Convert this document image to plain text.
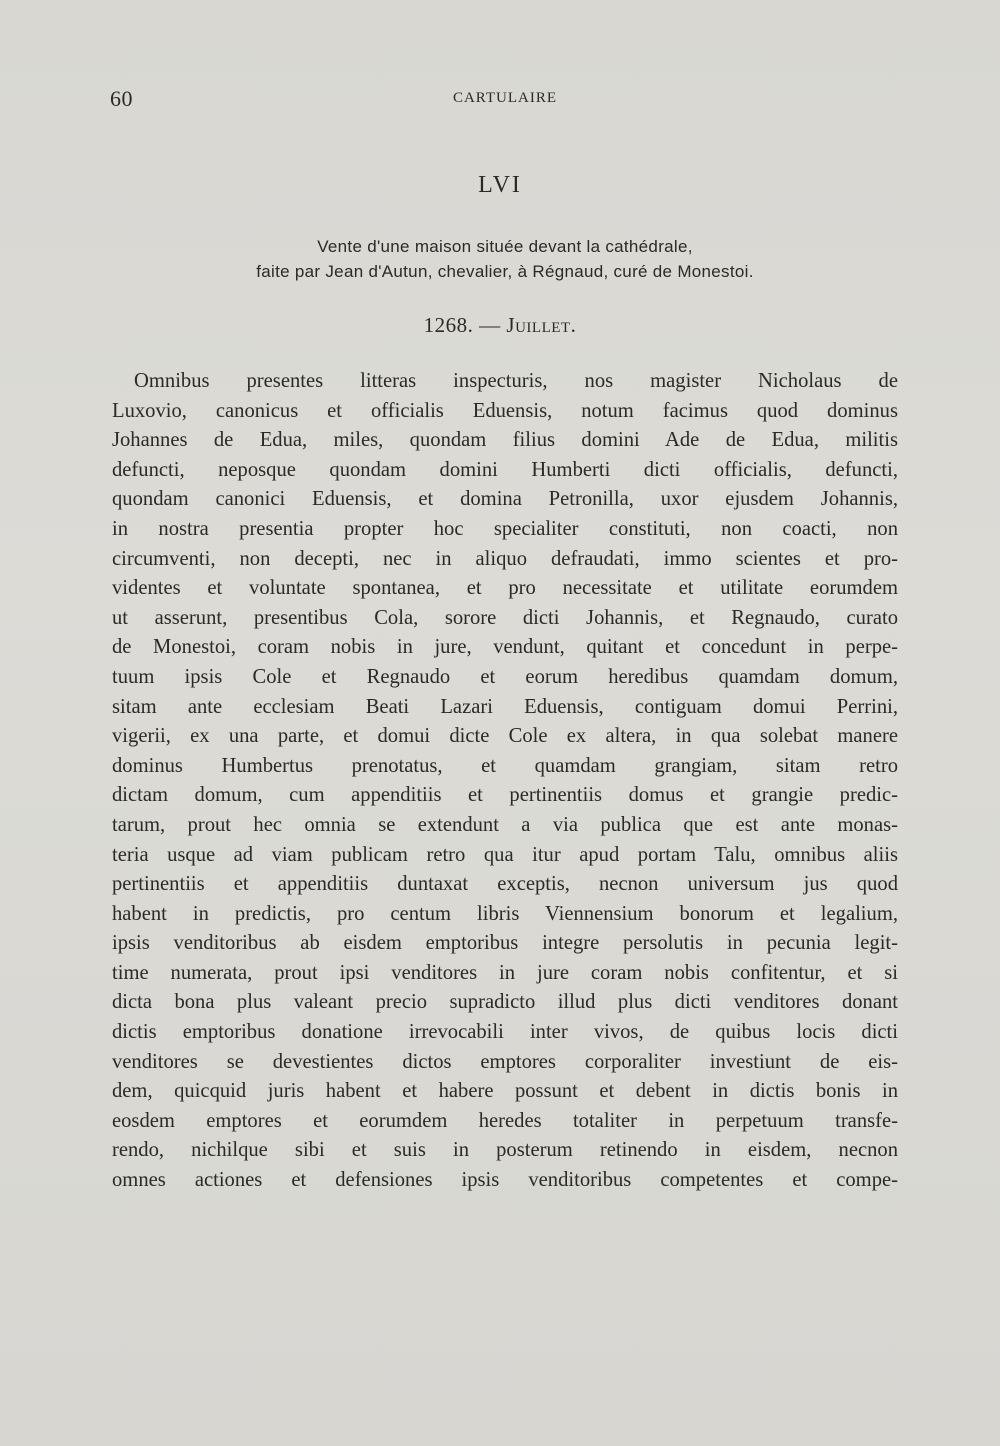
60	CARTULAIRE
LVI
Vente d'une maison située devant la cathédrale,
faite par Jean d'Autun, chevalier, à Régnaud, curé de Monestoi.
1268. — Juillet.
Omnibus presentes litteras inspecturis, nos magister Nicholaus de
Luxovio, canonicus et officialis Eduensis, notum facimus quod dominus
Johannes de Edua, miles, quondam filius domini Ade de Edua, militis
defuncti, neposque quondam domini Humberti dicti officialis, defuncti,
quondam canonici Eduensis, et domina Petronilla, uxor ejusdem Johannis,
in nostra presentia propter hoc specialiter constituti, non coacti, non
circumventi, non decepti, nec in aliquo defraudati, immo scientes et pro-
videntes et voluntate spontanea, et pro necessitate et utilitate eorumdem
ut asserunt, presentibus Cola, sorore dicti Johannis, et Regnaudo, curato
de Monestoi, coram nobis in jure, vendunt, quitant et concedunt in perpe-
tuum ipsis Cole et Regnaudo et eorum heredibus quamdam domum,
sitam ante ecclesiam Beati Lazari Eduensis, contiguam domui Perrini,
vigerii, ex una parte, et domui dicte Cole ex altera, in qua solebat manere
dominus Humbertus prenotatus, et quamdam grangiam, sitam retro
dictam domum, cum appenditiis et pertinentiis domus et grangie predic-
tarum, prout hec omnia se extendunt a via publica que est ante monas-
teria usque ad viam publicam retro qua itur apud portam Talu, omnibus aliis
pertinentiis et appenditiis duntaxat exceptis, necnon universum jus quod
habent in predictis, pro centum libris Viennensium bonorum et legalium,
ipsis venditoribus ab eisdem emptoribus integre persolutis in pecunia legit-
time numerata, prout ipsi venditores in jure coram nobis confitentur, et si
dicta bona plus valeant precio supradicto illud plus dicti venditores donant
dictis emptoribus donatione irrevocabili inter vivos, de quibus locis dicti
venditores se devestientes dictos emptores corporaliter investiunt de eis-
dem, quicquid juris habent et habere possunt et debent in dictis bonis in
eosdem emptores et eorumdem heredes totaliter in perpetuum transfe-
rendo, nichilque sibi et suis in posterum retinendo in eisdem, necnon
omnes actiones et defensiones ipsis venditoribus competentes et compe-
